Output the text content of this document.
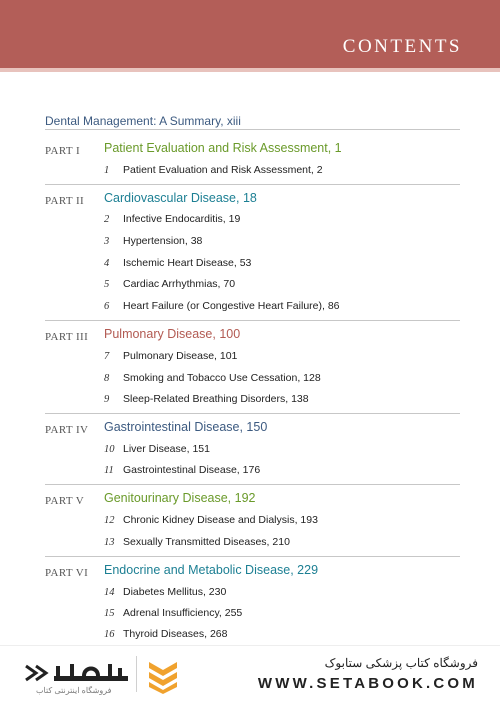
CONTENTS
Dental Management: A Summary, xiii
PART I Patient Evaluation and Risk Assessment, 1
1	Patient Evaluation and Risk Assessment, 2
PART II Cardiovascular Disease, 18
2	Infective Endocarditis, 19
3	Hypertension, 38
4	Ischemic Heart Disease, 53
5	Cardiac Arrhythmias, 70
6	Heart Failure (or Congestive Heart Failure), 86
PART III Pulmonary Disease, 100
7	Pulmonary Disease, 101
8	Smoking and Tobacco Use Cessation, 128
9	Sleep-Related Breathing Disorders, 138
PART IV Gastrointestinal Disease, 150
10 Liver Disease, 151
11 Gastrointestinal Disease, 176
PART V Genitourinary Disease, 192
12 Chronic Kidney Disease and Dialysis, 193
13 Sexually Transmitted Diseases, 210
PART VI Endocrine and Metabolic Disease, 229
14 Diabetes Mellitus, 230
15 Adrenal Insufficiency, 255
16 Thyroid Diseases, 268
فروشگاه اینترنتی کتاب
فروشگاه کتاب پزشکی ستابوک
WWW.SETABOOK.COM
